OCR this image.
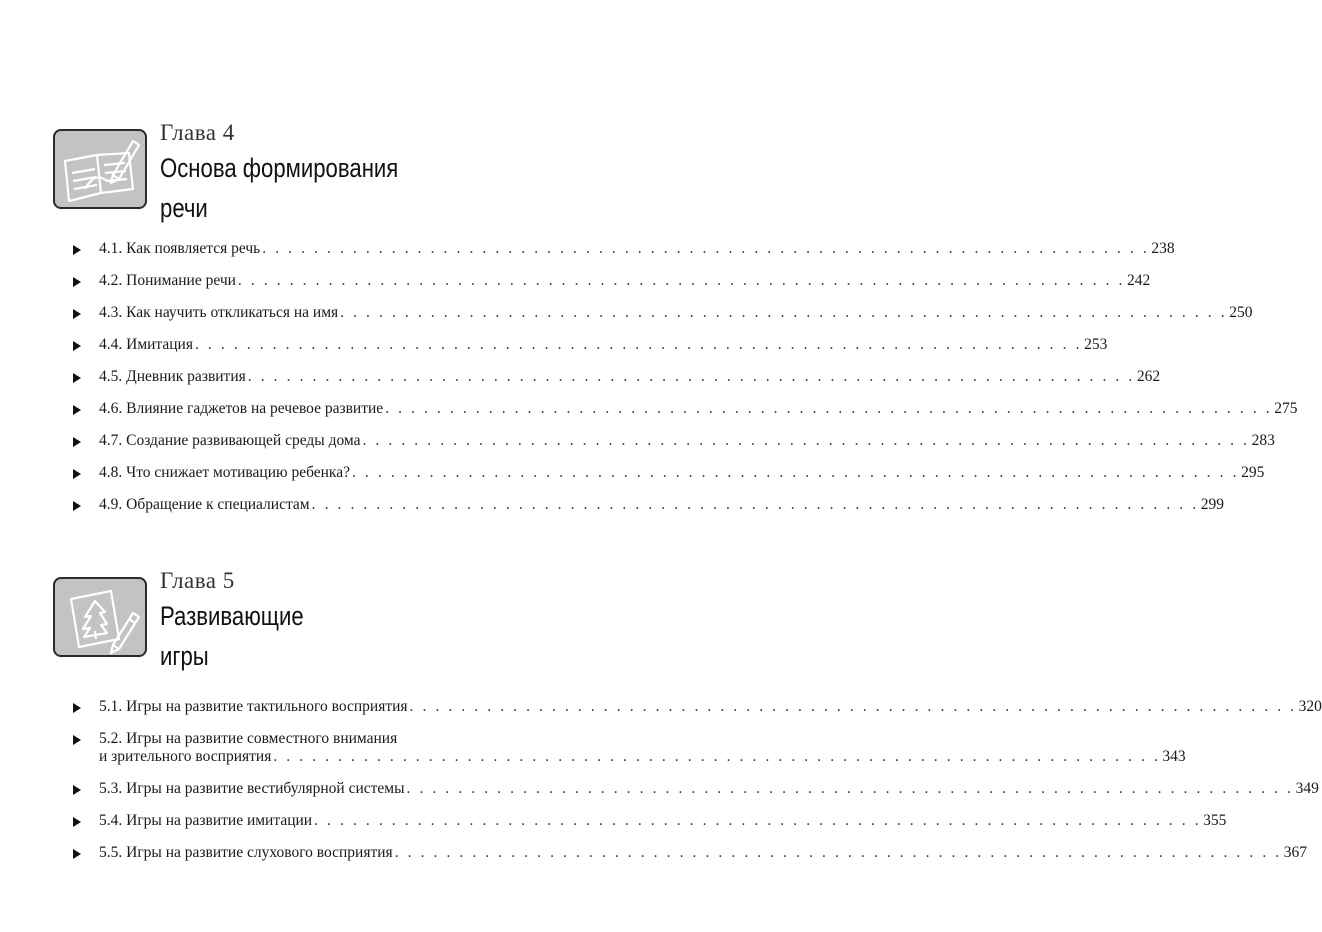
Глава 4
Основа формирования
речи
4.1. Как появляется речь . . . . . . . . . . . . . . . . . . . . . . . . . . . . . . . . . . . . . . . . . . . . . . . . . . . . . . . . . . . . . . . . . . . . . 238
4.2. Понимание речи . . . . . . . . . . . . . . . . . . . . . . . . . . . . . . . . . . . . . . . . . . . . . . . . . . . . . . . . . . . . . . . . . . . . . 242
4.3. Как научить откликаться на имя . . . . . . . . . . . . . . . . . . . . . . . . . . . . . . . . . . . . . . . . . . . . . . . . . . . . . . . . . . . . . . . . . . . . . 250
4.4. Имитация . . . . . . . . . . . . . . . . . . . . . . . . . . . . . . . . . . . . . . . . . . . . . . . . . . . . . . . . . . . . . . . . . . . . . 253
4.5. Дневник развития . . . . . . . . . . . . . . . . . . . . . . . . . . . . . . . . . . . . . . . . . . . . . . . . . . . . . . . . . . . . . . . . . . . . . 262
4.6. Влияние гаджетов на речевое развитие . . . . . . . . . . . . . . . . . . . . . . . . . . . . . . . . . . . . . . . . . . . . . . . . . . . . . . . . . . . . . . . . . . . . . 275
4.7. Создание развивающей среды дома . . . . . . . . . . . . . . . . . . . . . . . . . . . . . . . . . . . . . . . . . . . . . . . . . . . . . . . . . . . . . . . . . . . . . 283
4.8. Что снижает мотивацию ребенка? . . . . . . . . . . . . . . . . . . . . . . . . . . . . . . . . . . . . . . . . . . . . . . . . . . . . . . . . . . . . . . . . . . . . . 295
4.9. Обращение к специалистам . . . . . . . . . . . . . . . . . . . . . . . . . . . . . . . . . . . . . . . . . . . . . . . . . . . . . . . . . . . . . . . . . . . . . 299
Глава 5
Развивающие
игры
5.1. Игры на развитие тактильного восприятия . . . . . . . . . . . . . . . . . . . . . . . . . . . . . . . . . . . . . . . . . . . . . . . . . . . . . . . . . . . . . . . . . . . . . 320
5.2. Игры на развитие совместного внимания
и зрительного восприятия . . . . . . . . . . . . . . . . . . . . . . . . . . . . . . . . . . . . . . . . . . . . . . . . . . . . . . . . . . . . . . . . . . . . . 343
5.3. Игры на развитие вестибулярной системы . . . . . . . . . . . . . . . . . . . . . . . . . . . . . . . . . . . . . . . . . . . . . . . . . . . . . . . . . . . . . . . . . . . . . 349
5.4. Игры на развитие имитации . . . . . . . . . . . . . . . . . . . . . . . . . . . . . . . . . . . . . . . . . . . . . . . . . . . . . . . . . . . . . . . . . . . . . 355
5.5. Игры на развитие слухового восприятия . . . . . . . . . . . . . . . . . . . . . . . . . . . . . . . . . . . . . . . . . . . . . . . . . . . . . . . . . . . . . . . . . . . . . 367
